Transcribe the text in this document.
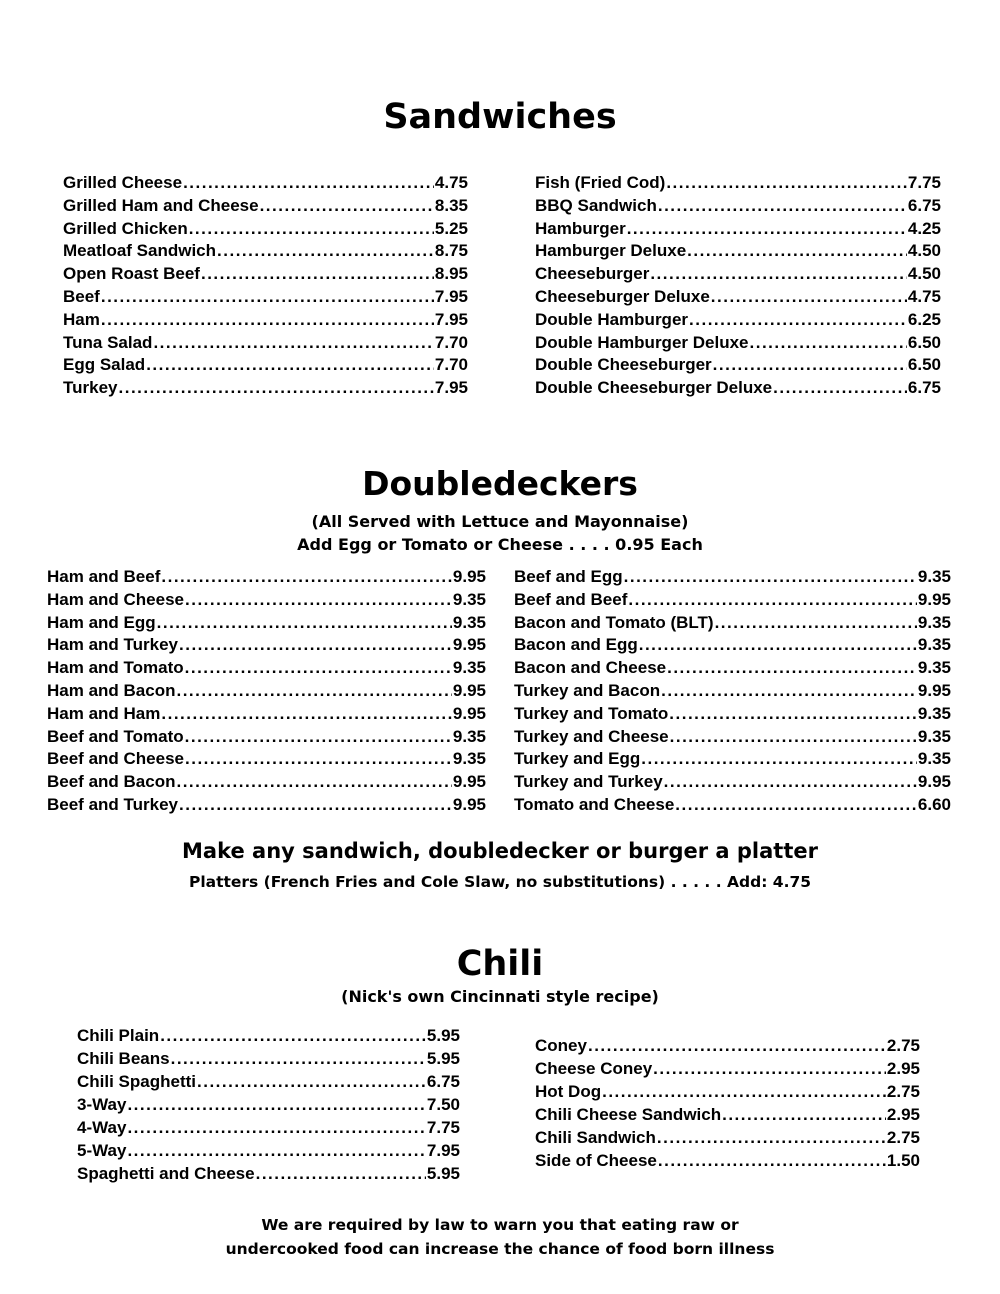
Sandwiches
Grilled Cheese .....	4.75
Grilled Ham and Cheese .....	8.35
Grilled Chicken .....	5.25
Meatloaf Sandwich .....	8.75
Open Roast Beef .....	8.95
Beef .....	7.95
Ham .....	7.95
Tuna Salad .....	7.70
Egg Salad .....	7.70
Turkey .....	7.95
Fish (Fried Cod) .....	7.75
BBQ Sandwich .....	6.75
Hamburger .....	4.25
Hamburger Deluxe .....	4.50
Cheeseburger .....	4.50
Cheeseburger Deluxe .....	4.75
Double Hamburger .....	6.25
Double Hamburger Deluxe .....	6.50
Double Cheeseburger .....	6.50
Double Cheeseburger Deluxe .....	6.75
Doubledeckers
(All Served with Lettuce and Mayonnaise)
Add Egg or Tomato or Cheese . . . . 0.95 Each
Ham and Beef .....	9.95
Ham and Cheese .....	9.35
Ham and Egg .....	9.35
Ham and Turkey .....	9.95
Ham and Tomato .....	9.35
Ham and Bacon .....	9.95
Ham and Ham .....	9.95
Beef and Tomato .....	9.35
Beef and Cheese .....	9.35
Beef and Bacon .....	9.95
Beef and Turkey .....	9.95
Beef and Egg .....	9.35
Beef and Beef .....	9.95
Bacon and Tomato (BLT) .....	9.35
Bacon and Egg .....	9.35
Bacon and Cheese .....	9.35
Turkey and Bacon .....	9.95
Turkey and Tomato .....	9.35
Turkey and Cheese .....	9.35
Turkey and Egg .....	9.35
Turkey and Turkey .....	9.95
Tomato and Cheese .....	6.60
Make any sandwich, doubledecker or burger a platter
Platters (French Fries and Cole Slaw, no substitutions) . . . . . Add: 4.75
Chili
(Nick's own Cincinnati style recipe)
Chili Plain .....	5.95
Chili Beans .....	5.95
Chili Spaghetti .....	6.75
3-Way .....	7.50
4-Way .....	7.75
5-Way .....	7.95
Spaghetti and Cheese .....	5.95
Coney .....	2.75
Cheese Coney .....	2.95
Hot Dog .....	2.75
Chili Cheese Sandwich .....	2.95
Chili Sandwich .....	2.75
Side of Cheese .....	1.50
We are required by law to warn you that eating raw or
undercooked food can increase the chance of food born illness
